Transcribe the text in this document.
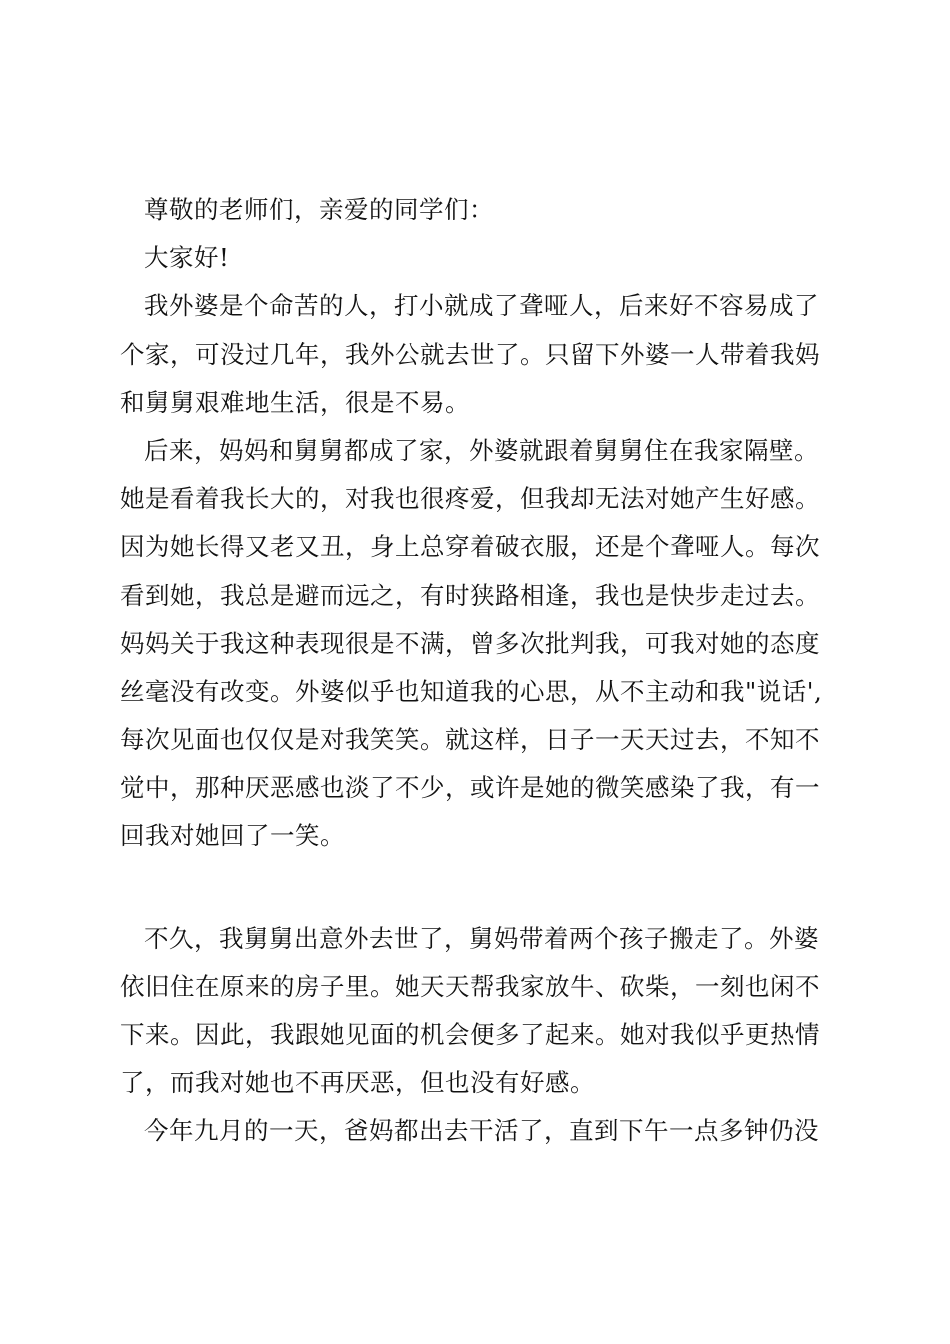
尊敬的老师们，亲爱的同学们：
大家好!
我外婆是个命苦的人，打小就成了聋哑人，后来好不容易成了
个家，可没过几年，我外公就去世了。只留下外婆一人带着我妈
和舅舅艰难地生活，很是不易。
后来，妈妈和舅舅都成了家，外婆就跟着舅舅住在我家隔壁。
她是看着我长大的，对我也很疼爱，但我却无法对她产生好感。
因为她长得又老又丑，身上总穿着破衣服，还是个聋哑人。每次
看到她，我总是避而远之，有时狭路相逢，我也是快步走过去。
妈妈关于我这种表现很是不满，曾多次批判我，可我对她的态度
丝毫没有改变。外婆似乎也知道我的心思，从不主动和我"说话',
每次见面也仅仅是对我笑笑。就这样，日子一天天过去，不知不
觉中，那种厌恶感也淡了不少，或许是她的微笑感染了我，有一
回我对她回了一笑。
不久，我舅舅出意外去世了，舅妈带着两个孩子搬走了。外婆
依旧住在原来的房子里。她天天帮我家放牛、砍柴，一刻也闲不
下来。因此，我跟她见面的机会便多了起来。她对我似乎更热情
了，而我对她也不再厌恶，但也没有好感。
今年九月的一天，爸妈都出去干活了，直到下午一点多钟仍没
